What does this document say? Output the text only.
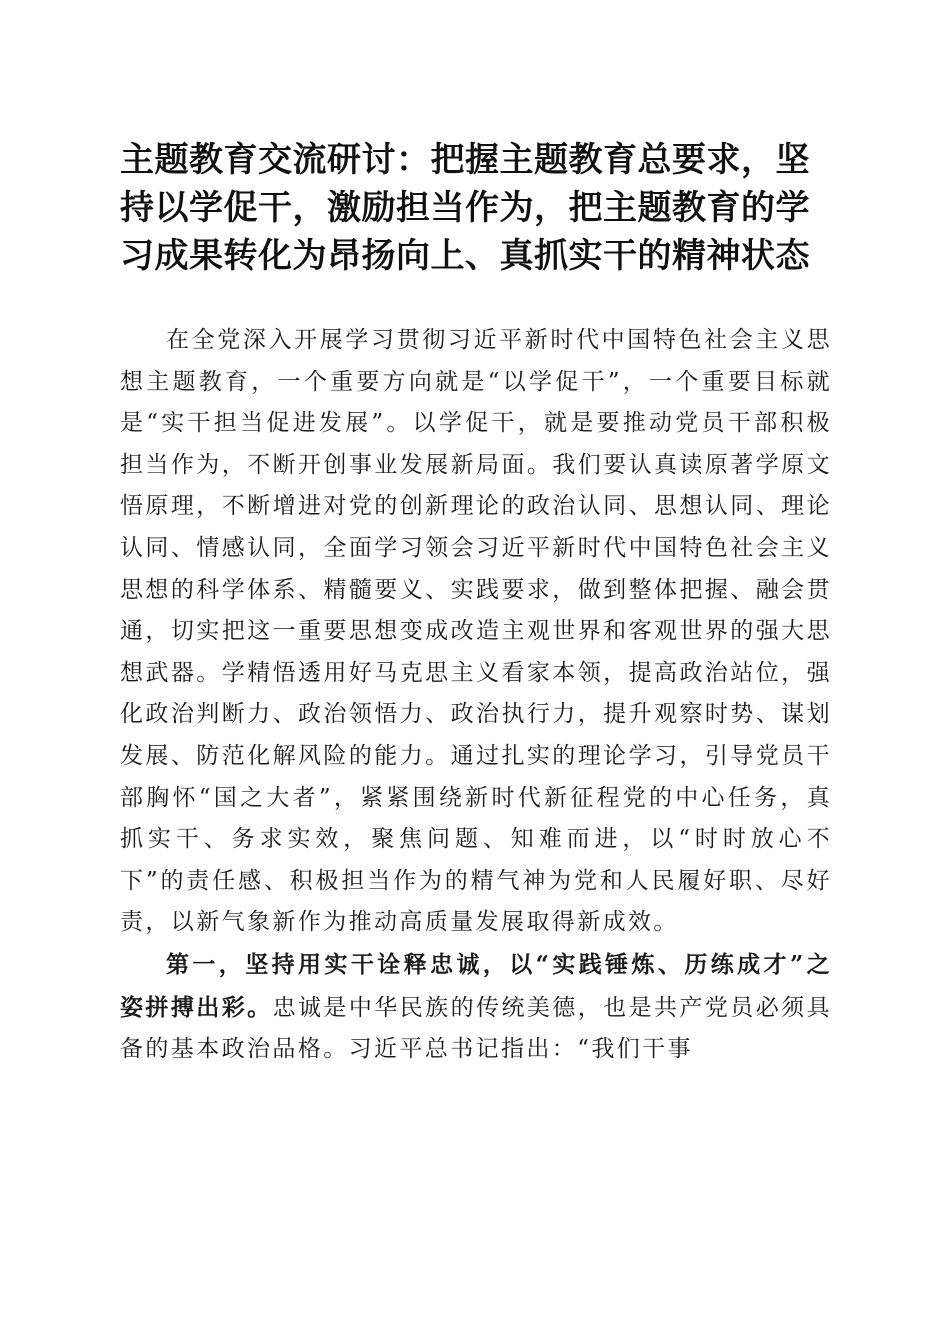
主题教育交流研讨：把握主题教育总要求，坚持以学促干，激励担当作为，把主题教育的学习成果转化为昂扬向上、真抓实干的精神状态

在全党深入开展学习贯彻习近平新时代中国特色社会主义思想主题教育，一个重要方向就是“以学促干”，一个重要目标就是“实干担当促进发展”。以学促干，就是要推动党员干部积极担当作为，不断开创事业发展新局面。我们要认真读原著学原文悟原理，不断增进对党的创新理论的政治认同、思想认同、理论认同、情感认同，全面学习领会习近平新时代中国特色社会主义思想的科学体系、精髓要义、实践要求，做到整体把握、融会贯通，切实把这一重要思想变成改造主观世界和客观世界的强大思想武器。学精悟透用好马克思主义看家本领，提高政治站位，强化政治判断力、政治领悟力、政治执行力，提升观察时势、谋划发展、防范化解风险的能力。通过扎实的理论学习，引导党员干部胸怀“国之大者”，紧紧围绕新时代新征程党的中心任务，真抓实干、务求实效，聚焦问题、知难而进，以“时时放心不下”的责任感、积极担当作为的精气神为党和人民履好职、尽好责，以新气象新作为推动高质量发展取得新成效。

第一，坚持用实干诠释忠诚，以“实践锤炼、历练成才”之姿拼搏出彩。忠诚是中华民族的传统美德，也是共产党员必须具备的基本政治品格。习近平总书记指出：“我们干事
